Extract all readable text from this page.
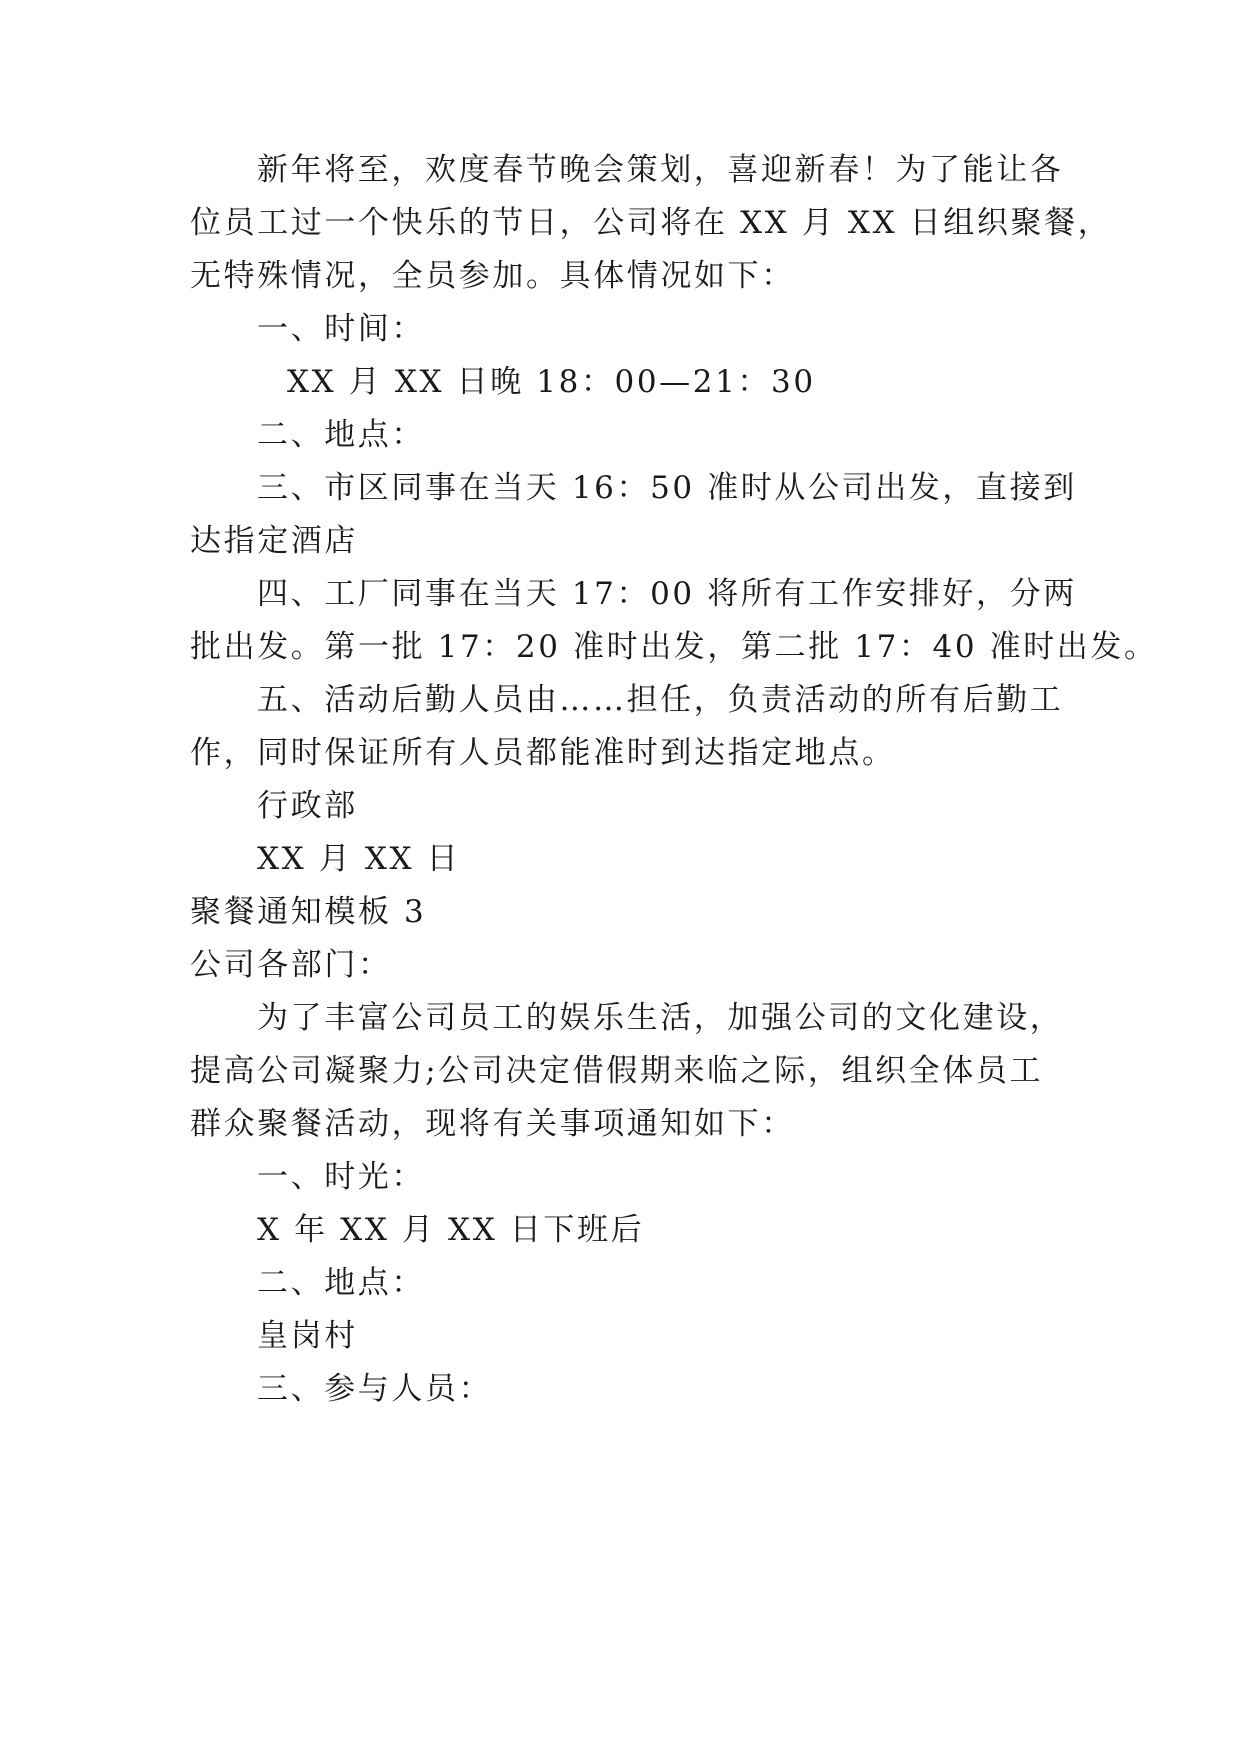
新年将至，欢度春节晚会策划，喜迎新春！为了能让各
位员工过一个快乐的节日，公司将在 XX 月 XX 日组织聚餐，
无特殊情况，全员参加。具体情况如下：
一、时间：
XX 月 XX 日晚 18：00—21：30
二、地点：
三、市区同事在当天 16：50 准时从公司出发，直接到
达指定酒店
四、工厂同事在当天 17：00 将所有工作安排好，分两
批出发。第一批 17：20 准时出发，第二批 17：40 准时出发。
五、活动后勤人员由……担任，负责活动的所有后勤工
作，同时保证所有人员都能准时到达指定地点。
行政部
XX 月 XX 日
聚餐通知模板 3
公司各部门：
为了丰富公司员工的娱乐生活，加强公司的文化建设，
提高公司凝聚力;公司决定借假期来临之际，组织全体员工
群众聚餐活动，现将有关事项通知如下：
一、时光：
X 年 XX 月 XX 日下班后
二、地点：
皇岗村
三、参与人员：
